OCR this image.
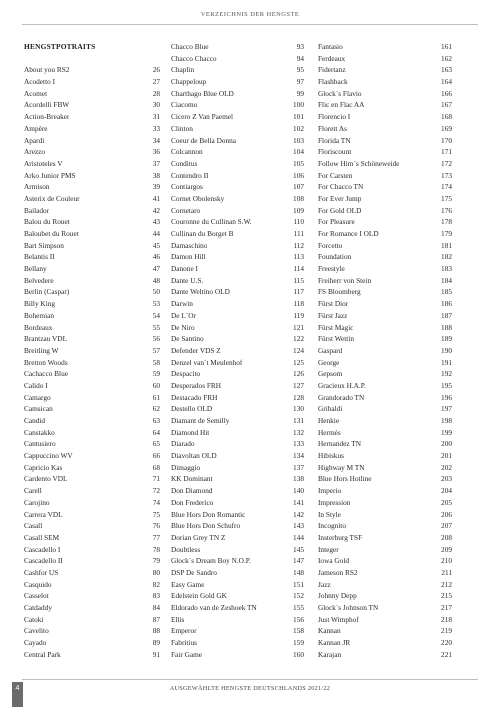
VERZEICHNIS DER HENGSTE
HENGSTPOTRAITS
About you RS2	26
Acodetto I	27
Acomet	28
Acordelli FBW	30
Action-Breaker	31
Ampère	33
Apardi	34
Arezzo	36
Aristoteles V	37
Arko Junior PMS	38
Armison	39
Asterix de Couleur	41
Bailador	42
Balou du Rouet	43
Baloubet du Rouet	44
Bart Simpson	45
Belantis II	46
Bellany	47
Belvedere	48
Berlin (Caspar)	50
Billy King	53
Bohemian	54
Bordeaux	55
Brantzau VDL	56
Breitling W	57
Bretton Woods	58
Cachacco Blue	59
Calido I	60
Camargo	61
Camsican	62
Candid	63
Canstakko	64
Cantusiero	65
Cappuccino WV	66
Capricio Kas	68
Cardento VDL	71
Carell	72
Carojino	74
Carrera VDL	75
Casall	76
Casall SEM	77
Cascadello I	78
Cascadello II	79
Cashfor US	80
Casquido	82
Casselot	83
Catdaddy	84
Catoki	87
Cavelito	88
Cayado	89
Central Park	91
Chacco Blue	93
Chacco Chacco	94
Chaplin	95
Chappeloup	97
Charthago Blue OLD	99
Ciacomo	100
Cicero Z Van Paemel	101
Clinton	102
Coeur de Bella Donna	103
Colcannon	104
Conditus	105
Contendro II	106
Contiargos	107
Cornet Obolensky	108
Cornetaro	109
Couronne du Cullinan S.W.	110
Cullinan du Borget B	111
Damaschino	112
Damon Hill	113
Danone I	114
Dante U.S.	115
Dante Weltino OLD	117
Darwin	118
De L´Or	119
De Niro	121
De Santino	122
Defender VDS Z	124
Denzel van´t Meulenhof	125
Despacito	126
Desperados FRH	127
Destacado FRH	128
Destello OLD	130
Diamant de Semilly	131
Diamond Hit	132
Diarado	133
Diavoltan OLD	134
Dimaggio	137
KK Dominant	138
Don Diamond	140
Don Frederico	141
Blue Hors Don Romantic	142
Blue Hors Don Schufro	143
Dorian Grey TN Z	144
Doubtless	145
Glock´s Dream Boy N.O.P.	147
DSP De Sandro	148
Easy Game	151
Edelstein Gold GK	152
Eldorado van de Zeshoek TN	155
Ellis	156
Emperor	158
Fabritius	159
Fair Game	160
Fantasio	161
Ferdeaux	162
Fidertanz	163
Flashback	164
Glock´s Flavio	166
Flic en Flac AA	167
Florencio I	168
Florett As	169
Florida TN	170
Floriscount	171
Follow Him´s Schöneweide	172
For Carsten	173
For Chacco TN	174
For Ever Jump	175
For Gold OLD	176
For Pleasure	178
For Romance I OLD	179
Forcetto	181
Foundation	182
Freestyle	183
Freiherr von Stein	184
FS Bloomberg	185
Fürst Dior	186
Fürst Jazz	187
Fürst Magic	188
Fürst Wettin	189
Gaspard	190
George	191
Gepsom	192
Gracieux H.A.P.	195
Grandorado TN	196
Gribaldi	197
Henkie	198
Hermès	199
Hernandez TN	200
Hibiskus	201
Highway M TN	202
Blue Hors Hotline	203
Imperio	204
Impression	205
In Style	206
Incognito	207
Insterburg TSF	208
Integer	209
Iowa Gold	210
Jameson RS2	211
Jazz	212
Johnny Depp	215
Glock´s Johnson TN	217
Just Wimphof	218
Kannan	219
Kannan JR	220
Karajan	221
4	AUSGEWÄHLTE HENGSTE DEUTSCHLANDS 2021/22
